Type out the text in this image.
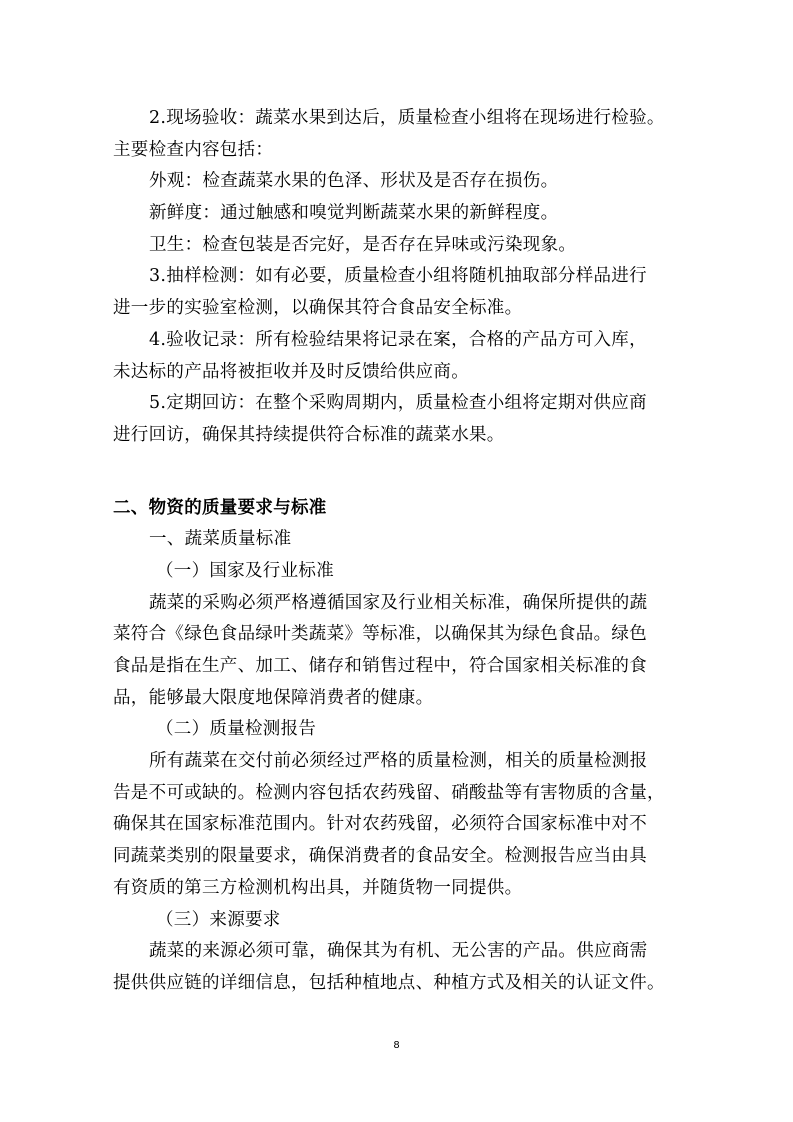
2.现场验收：蔬菜水果到达后，质量检查小组将在现场进行检验。
主要检查内容包括：
外观：检查蔬菜水果的色泽、形状及是否存在损伤。
新鲜度：通过触感和嗅觉判断蔬菜水果的新鲜程度。
卫生：检查包装是否完好，是否存在异味或污染现象。
3.抽样检测：如有必要，质量检查小组将随机抽取部分样品进行
进一步的实验室检测，以确保其符合食品安全标准。
4.验收记录：所有检验结果将记录在案，合格的产品方可入库，
未达标的产品将被拒收并及时反馈给供应商。
5.定期回访：在整个采购周期内，质量检查小组将定期对供应商
进行回访，确保其持续提供符合标准的蔬菜水果。
二、物资的质量要求与标准
一、蔬菜质量标准
（一）国家及行业标准
蔬菜的采购必须严格遵循国家及行业相关标准，确保所提供的蔬
菜符合《绿色食品绿叶类蔬菜》等标准，以确保其为绿色食品。绿色
食品是指在生产、加工、储存和销售过程中，符合国家相关标准的食
品，能够最大限度地保障消费者的健康。
（二）质量检测报告
所有蔬菜在交付前必须经过严格的质量检测，相关的质量检测报
告是不可或缺的。检测内容包括农药残留、硝酸盐等有害物质的含量，
确保其在国家标准范围内。针对农药残留，必须符合国家标准中对不
同蔬菜类别的限量要求，确保消费者的食品安全。检测报告应当由具
有资质的第三方检测机构出具，并随货物一同提供。
（三）来源要求
蔬菜的来源必须可靠，确保其为有机、无公害的产品。供应商需
提供供应链的详细信息，包括种植地点、种植方式及相关的认证文件。
8
